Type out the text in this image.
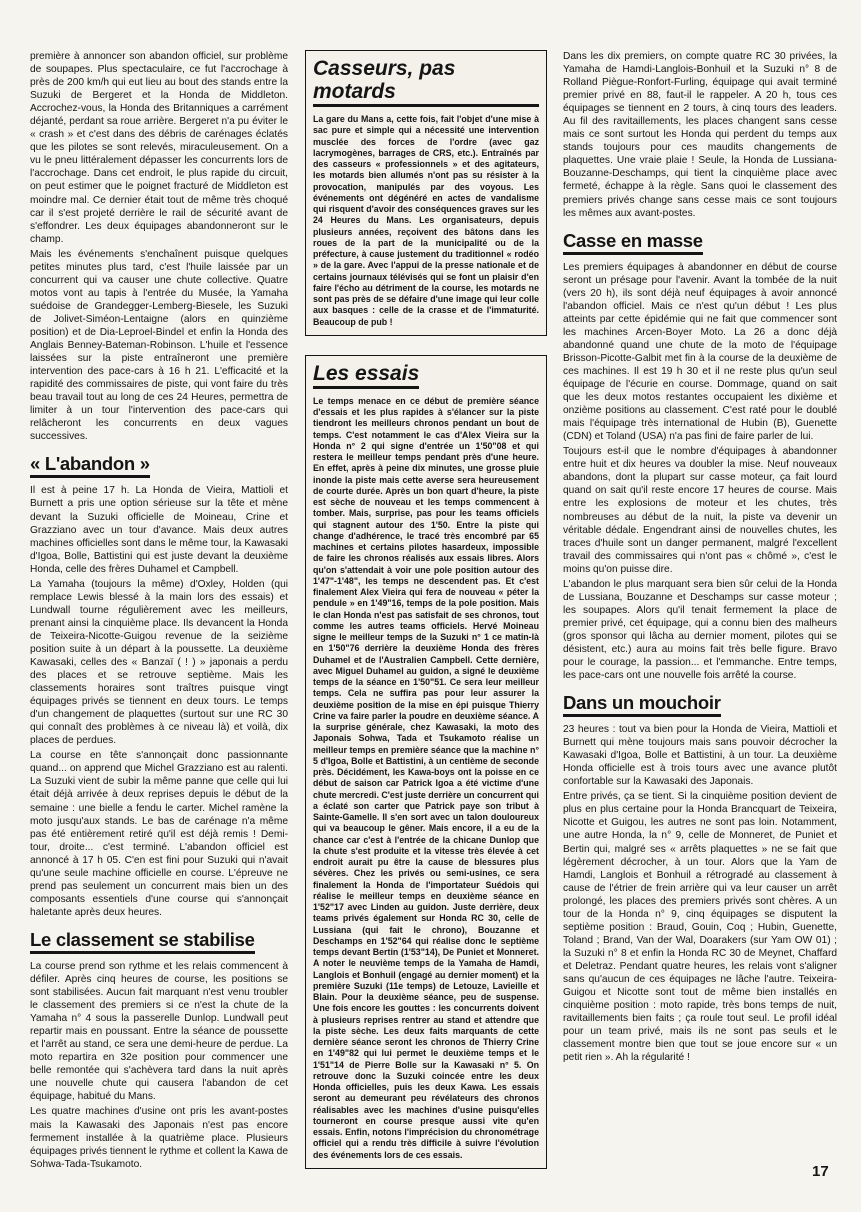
première à annoncer son abandon officiel, sur problème de soupapes. Plus spectaculaire, ce fut l'accrochage à près de 200 km/h qui eut lieu au bout des stands entre la Suzuki de Bergeret et la Honda de Middleton. Accrochez-vous, la Honda des Britanniques a carrément déjanté, perdant sa roue arrière. Bergeret n'a pu éviter le « crash » et c'est dans des débris de carénages éclatés que les pilotes se sont relevés, miraculeusement. On a vu le pneu littéralement dépasser les concurrents lors de l'accrochage. Dans cet endroit, le plus rapide du circuit, on peut estimer que le poignet fracturé de Middleton est moindre mal. Ce dernier était tout de même très choqué car il s'est projeté derrière le rail de sécurité avant de s'effondrer. Les deux équipages abandonneront sur le champ.

Mais les événements s'enchaînent puisque quelques petites minutes plus tard, c'est l'huile laissée par un concurrent qui va causer une chute collective. Quatre motos vont au tapis à l'entrée du Musée, la Yamaha suédoise de Grandegger-Lemberg-Biesele, les Suzuki de Jolivet-Siméon-Lentaigne (alors en quinzième position) et de Dia-Leproel-Bindel et enfin la Honda des Anglais Benney-Bateman-Robinson. L'huile et l'essence laissées sur la piste entraîneront une première intervention des pace-cars à 16 h 21. L'efficacité et la rapidité des commissaires de piste, qui vont faire du très beau travail tout au long de ces 24 Heures, permettra de limiter à un tour l'intervention des pace-cars qui relâcheront les concurrents en deux vagues successives.

« L'abandon »

Il est à peine 17 h. La Honda de Vieira, Mattioli et Burnett a pris une option sérieuse sur la tête et mène devant la Suzuki officielle de Moineau, Crine et Grazziano avec un tour d'avance. Mais deux autres machines officielles sont dans le même tour, la Kawasaki d'Igoa, Bolle, Battistini qui est juste devant la deuxième Honda, celle des frères Duhamel et Campbell.

La Yamaha (toujours la même) d'Oxley, Holden (qui remplace Lewis blessé à la main lors des essais) et Lundwall tourne régulièrement avec les meilleurs, prenant ainsi la cinquième place. Ils devancent la Honda de Teixeira-Nicotte-Guigou revenue de la seizième position suite à un départ à la poussette. La deuxième Kawasaki, celles des « Banzaï ( ! ) » japonais a perdu des places et se retrouve septième. Mais les classements horaires sont traîtres puisque vingt équipages privés se tiennent en deux tours. Le temps d'un changement de plaquettes (surtout sur une RC 30 qui connaît des problèmes à ce niveau là) et voilà, dix places de perdues.

La course en tête s'annonçait donc passionnante quand... on apprend que Michel Grazziano est au ralenti. La Suzuki vient de subir la même panne que celle qui lui était déjà arrivée à deux reprises depuis le début de la semaine : une bielle a fendu le carter. Michel ramène la moto jusqu'aux stands. Le bas de carénage n'a même pas été entièrement retiré qu'il est déjà remis ! Demi-tour, droite... c'est terminé. L'abandon officiel est annoncé à 17 h 05. C'en est fini pour Suzuki qui n'avait qu'une seule machine officielle en course. L'épreuve ne prend pas seulement un concurrent mais bien un des composants essentiels d'une course qui s'annonçait haletante après deux heures.

Le classement se stabilise

La course prend son rythme et les relais commencent à défiler. Après cinq heures de course, les positions se sont stabilisées. Aucun fait marquant n'est venu troubler le classement des premiers si ce n'est la chute de la Yamaha n° 4 sous la passerelle Dunlop. Lundwall peut repartir mais en poussant. Entre la séance de poussette et l'arrêt au stand, ce sera une demi-heure de perdue. La moto repartira en 32e position pour commencer une belle remontée qui s'achèvera tard dans la nuit après une nouvelle chute qui causera l'abandon de cet équipage, habitué du Mans.

Les quatre machines d'usine ont pris les avant-postes mais la Kawasaki des Japonais n'est pas encore fermement installée à la quatrième place. Plusieurs équipages privés tiennent le rythme et collent la Kawa de Sohwa-Tada-Tsukamoto.

Casseurs, pas motards

La gare du Mans a, cette fois, fait l'objet d'une mise à sac pure et simple qui a nécessité une intervention musclée des forces de l'ordre (avec gaz lacrymogènes, barrages de CRS, etc.). Entraînés par des casseurs « professionnels » et des agitateurs, les motards bien allumés n'ont pas su résister à la provocation, manipulés par des voyous. Les événements ont dégénéré en actes de vandalisme qui risquent d'avoir des conséquences graves sur les 24 Heures du Mans. Les organisateurs, depuis plusieurs années, reçoivent des bâtons dans les roues de la part de la municipalité ou de la préfecture, à cause justement du traditionnel « rodéo » de la gare. Avec l'appui de la presse nationale et de certains journaux télévisés qui se font un plaisir d'en faire l'écho au détriment de la course, les motards ne sont pas près de se défaire d'une image qui leur colle aux basques : celle de la crasse et de l'immaturité. Beaucoup de pub !

Les essais

Le temps menace en ce début de première séance d'essais et les plus rapides à s'élancer sur la piste tiendront les meilleurs chronos pendant un bout de temps. C'est notamment le cas d'Alex Vieira sur la Honda n° 2 qui signe d'entrée un 1'50"08 et qui restera le meilleur temps pendant près d'une heure. En effet, après à peine dix minutes, une grosse pluie inonde la piste mais cette averse sera heureusement de courte durée. Après un bon quart d'heure, la piste est sèche de nouveau et les temps commencent à tomber. Mais, surprise, pas pour les teams officiels qui stagnent autour des 1'50. Entre la piste qui change d'adhérence, le tracé très encombré par 65 machines et certains pilotes hasardeux, impossible de faire les chronos réalisés aux essais libres. Alors qu'on s'attendait à voir une pole position autour des 1'47"-1'48", les temps ne descendent pas. Et c'est finalement Alex Vieira qui fera de nouveau « péter la pendule » en 1'49"16, temps de la pole position. Mais le clan Honda n'est pas satisfait de ses chronos, tout comme les autres teams officiels. Hervé Moineau signe le meilleur temps de la Suzuki n° 1 ce matin-là en 1'50"76 derrière la deuxième Honda des frères Duhamel et de l'Australien Campbell. Cette dernière, avec Miguel Duhamel au guidon, a signé le deuxième temps de la séance en 1'50"51. Ce sera leur meilleur temps. Cela ne suffira pas pour leur assurer la deuxième position de la mise en épi puisque Thierry Crine va faire parler la poudre en deuxième séance. A la surprise générale, chez Kawasaki, la moto des Japonais Sohwa, Tada et Tsukamoto réalise un meilleur temps en première séance que la machine n° 5 d'Igoa, Bolle et Battistini, à un centième de seconde près. Décidément, les Kawa-boys ont la poisse en ce début de saison car Patrick Igoa a été victime d'une chute mercredi. C'est juste derrière un concurrent qui a éclaté son carter que Patrick paye son tribut à Sainte-Gamelle. Il s'en sort avec un talon douloureux qui va beaucoup le gêner. Mais encore, il a eu de la chance car c'est à l'entrée de la chicane Dunlop que la chute s'est produite et la vitesse très élevée à cet endroit aurait pu être la cause de blessures plus sévères. Chez les privés ou semi-usines, ce sera finalement la Honda de l'importateur Suédois qui réalise le meilleur temps en deuxième séance en 1'52"17 avec Linden au guidon. Juste derrière, deux teams privés également sur Honda RC 30, celle de Lussiana (qui fait le chrono), Bouzanne et Deschamps en 1'52"64 qui réalise donc le septième temps devant Bertin (1'53"14), De Puniet et Monneret. A noter le neuvième temps de la Yamaha de Hamdi, Langlois et Bonhuil (engagé au dernier moment) et la première Suzuki (11e temps) de Letouze, Lavieille et Blain. Pour la deuxième séance, peu de suspense. Une fois encore les gouttes : les concurrents doivent à plusieurs reprises rentrer au stand et attendre que la piste sèche. Les deux faits marquants de cette dernière séance seront les chronos de Thierry Crine en 1'49"82 qui lui permet le deuxième temps et le 1'51"14 de Pierre Bolle sur la Kawasaki n° 5. On retrouve donc la Suzuki coincée entre les deux Honda officielles, puis les deux Kawa. Les essais seront au demeurant peu révélateurs des chronos réalisables avec les machines d'usine puisqu'elles tourneront en course presque aussi vite qu'en essais. Enfin, notons l'imprécision du chronométrage officiel qui a rendu très difficile à suivre l'évolution des événements lors de ces essais.

Dans les dix premiers, on compte quatre RC 30 privées, la Yamaha de Hamdi-Langlois-Bonhuil et la Suzuki n° 8 de Rolland Piègue-Ronfort-Furling, équipage qui avait terminé premier privé en 88, faut-il le rappeler. A 20 h, tous ces équipages se tiennent en 2 tours, à cinq tours des leaders. Au fil des ravitaillements, les places changent sans cesse mais ce sont surtout les Honda qui perdent du temps aux stands toujours pour ces maudits changements de plaquettes. Une vraie plaie ! Seule, la Honda de Lussiana-Bouzanne-Deschamps, qui tient la cinquième place avec fermeté, échappe à la règle. Sans quoi le classement des premiers privés change sans cesse mais ce sont toujours les mêmes aux avant-postes.

Casse en masse

Les premiers équipages à abandonner en début de course seront un présage pour l'avenir. Avant la tombée de la nuit (vers 20 h), ils sont déjà neuf équipages à avoir annoncé l'abandon officiel. Mais ce n'est qu'un début ! Les plus atteints par cette épidémie qui ne fait que commencer sont les machines Arcen-Boyer Moto. La 26 a donc déjà abandonné quand une chute de la moto de l'équipage Brisson-Picotte-Galbit met fin à la course de la deuxième de ces machines. Il est 19 h 30 et il ne reste plus qu'un seul équipage de l'écurie en course. Dommage, quand on sait que les deux motos restantes occupaient les dixième et onzième positions au classement. C'est raté pour le doublé mais l'équipage très international de Hubin (B), Guenette (CDN) et Toland (USA) n'a pas fini de faire parler de lui.

Toujours est-il que le nombre d'équipages à abandonner entre huit et dix heures va doubler la mise. Neuf nouveaux abandons, dont la plupart sur casse moteur, ça fait lourd quand on sait qu'il reste encore 17 heures de course. Mais entre les explosions de moteur et les chutes, très nombreuses au début de la nuit, la piste va devenir un véritable dédale. Engendrant ainsi de nouvelles chutes, les traces d'huile sont un danger permanent, malgré l'excellent travail des commissaires qui n'ont pas « chômé », c'est le moins qu'on puisse dire.

L'abandon le plus marquant sera bien sûr celui de la Honda de Lussiana, Bouzanne et Deschamps sur casse moteur ; les soupapes. Alors qu'il tenait fermement la place de premier privé, cet équipage, qui a connu bien des malheurs (gros sponsor qui lâcha au dernier moment, pilotes qui se désistent, etc.) aura au moins fait très belle figure. Bravo pour le courage, la passion... et l'emmanche. Entre temps, les pace-cars ont une nouvelle fois arrêté la course.

Dans un mouchoir

23 heures : tout va bien pour la Honda de Vieira, Mattioli et Burnett qui mène toujours mais sans pouvoir décrocher la Kawasaki d'Igoa, Bolle et Battistini, à un tour. La deuxième Honda officielle est à trois tours avec une avance plutôt confortable sur la Kawasaki des Japonais.

Entre privés, ça se tient. Si la cinquième position devient de plus en plus certaine pour la Honda Brancquart de Teixeira, Nicotte et Guigou, les autres ne sont pas loin. Notamment, une autre Honda, la n° 9, celle de Monneret, de Puniet et Bertin qui, malgré ses « arrêts plaquettes » ne se fait que légèrement décrocher, à un tour. Alors que la Yam de Hamdi, Langlois et Bonhuil a rétrogradé au classement à cause de l'étrier de frein arrière qui va leur causer un arrêt prolongé, les places des premiers privés sont chères. A un tour de la Honda n° 9, cinq équipages se disputent la septième position : Braud, Gouin, Coq ; Hubin, Guenette, Toland ; Brand, Van der Wal, Doarakers (sur Yam OW 01) ; la Suzuki n° 8 et enfin la Honda RC 30 de Meynet, Chaffard et Deletraz. Pendant quatre heures, les relais vont s'aligner sans qu'aucun de ces équipages ne lâche l'autre. Teixeira-Guigou et Nicotte sont tout de même bien installés en cinquième position : moto rapide, très bons temps de nuit, ravitaillements bien faits ; ça roule tout seul. Le profil idéal pour un team privé, mais ils ne sont pas seuls et le classement montre bien que tout se joue encore sur « un petit rien ». Ah la régularité !

17
